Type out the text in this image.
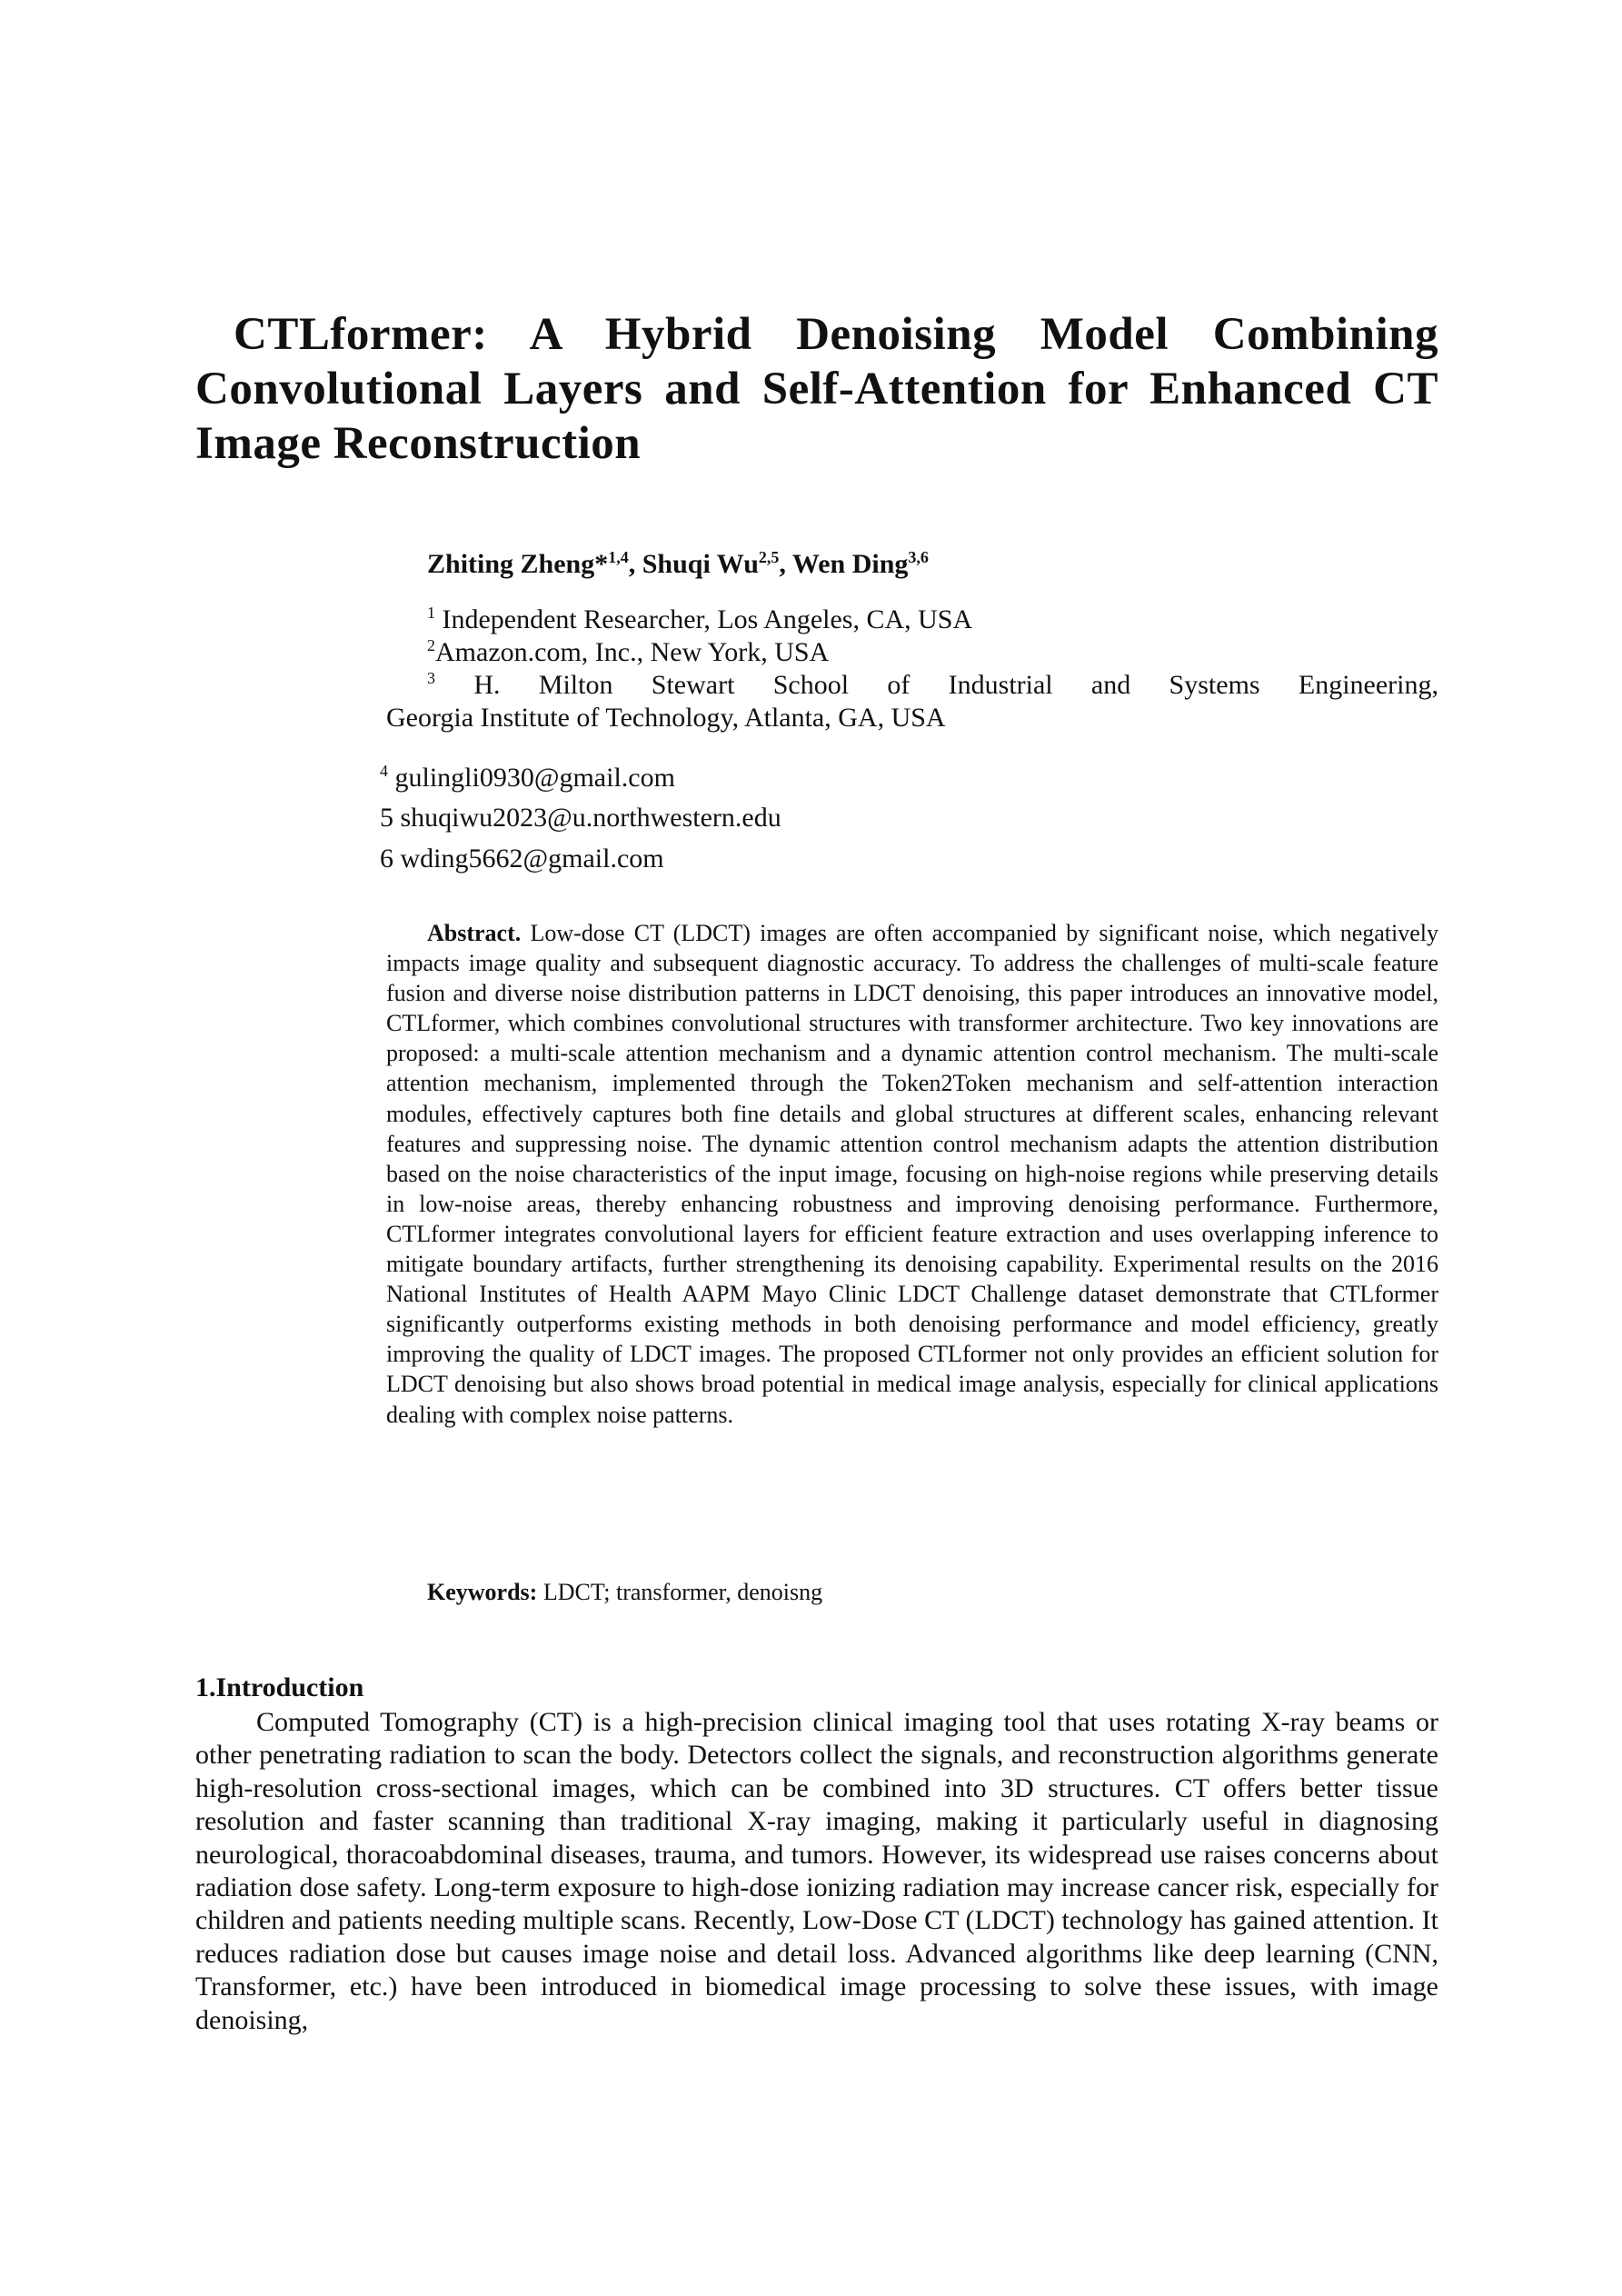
CTLformer: A Hybrid Denoising Model Combining
Convolutional Layers and Self-Attention for Enhanced CT
Image Reconstruction

Zhiting Zheng*$^{1,4}$, Shuqi Wu$^{2,5}$, Wen Ding$^{3,6}$

$^1$ Independent Researcher, Los Angeles, CA, USA

$^2$Amazon.com, Inc., New York, USA

$^3$ H. Milton Stewart School of Industrial and Systems Engineering,
Georgia Institute of Technology, Atlanta, GA, USA

$^4$ gulingli0930@gmail.com

5 shuqiwu2023@u.northwestern.edu

6 wding5662@gmail.com

Abstract. Low-dose CT (LDCT) images are often accompanied by significant noise, which negatively impacts image quality and subsequent diagnostic accuracy. To address the challenges of multi-scale feature fusion and diverse noise distribution patterns in LDCT denoising, this paper introduces an innovative model, CTLformer, which combines convolutional structures with transformer architecture. Two key innovations are proposed: a multi-scale attention mechanism and a dynamic attention control mechanism. The multi-scale attention mechanism, implemented through the Token2Token mechanism and self-attention interaction modules, effectively captures both fine details and global structures at different scales, enhancing relevant features and suppressing noise. The dynamic attention control mechanism adapts the attention distribution based on the noise characteristics of the input image, focusing on high-noise regions while preserving details in low-noise areas, thereby enhancing robustness and improving denoising performance. Furthermore, CTLformer integrates convolutional layers for efficient feature extraction and uses overlapping inference to mitigate boundary artifacts, further strengthening its denoising capability. Experimental results on the 2016 National Institutes of Health AAPM Mayo Clinic LDCT Challenge dataset demonstrate that CTLformer significantly outperforms existing methods in both denoising performance and model efficiency, greatly improving the quality of LDCT images. The proposed CTLformer not only provides an efficient solution for LDCT denoising but also shows broad potential in medical image analysis, especially for clinical applications dealing with complex noise patterns.

Keywords: LDCT; transformer, denoisng

1.Introduction

Computed Tomography (CT) is a high-precision clinical imaging tool that uses rotating X-ray beams or other penetrating radiation to scan the body. Detectors collect the signals, and reconstruction algorithms generate high-resolution cross-sectional images, which can be combined into 3D structures. CT offers better tissue resolution and faster scanning than traditional X-ray imaging, making it particularly useful in diagnosing neurological, thoracoabdominal diseases, trauma, and tumors. However, its widespread use raises concerns about radiation dose safety. Long-term exposure to high-dose ionizing radiation may increase cancer risk, especially for children and patients needing multiple scans. Recently, Low-Dose CT (LDCT) technology has gained attention. It reduces radiation dose but causes image noise and detail loss. Advanced algorithms like deep learning (CNN, Transformer, etc.) have been introduced in biomedical image processing to solve these issues, with image denoising,
